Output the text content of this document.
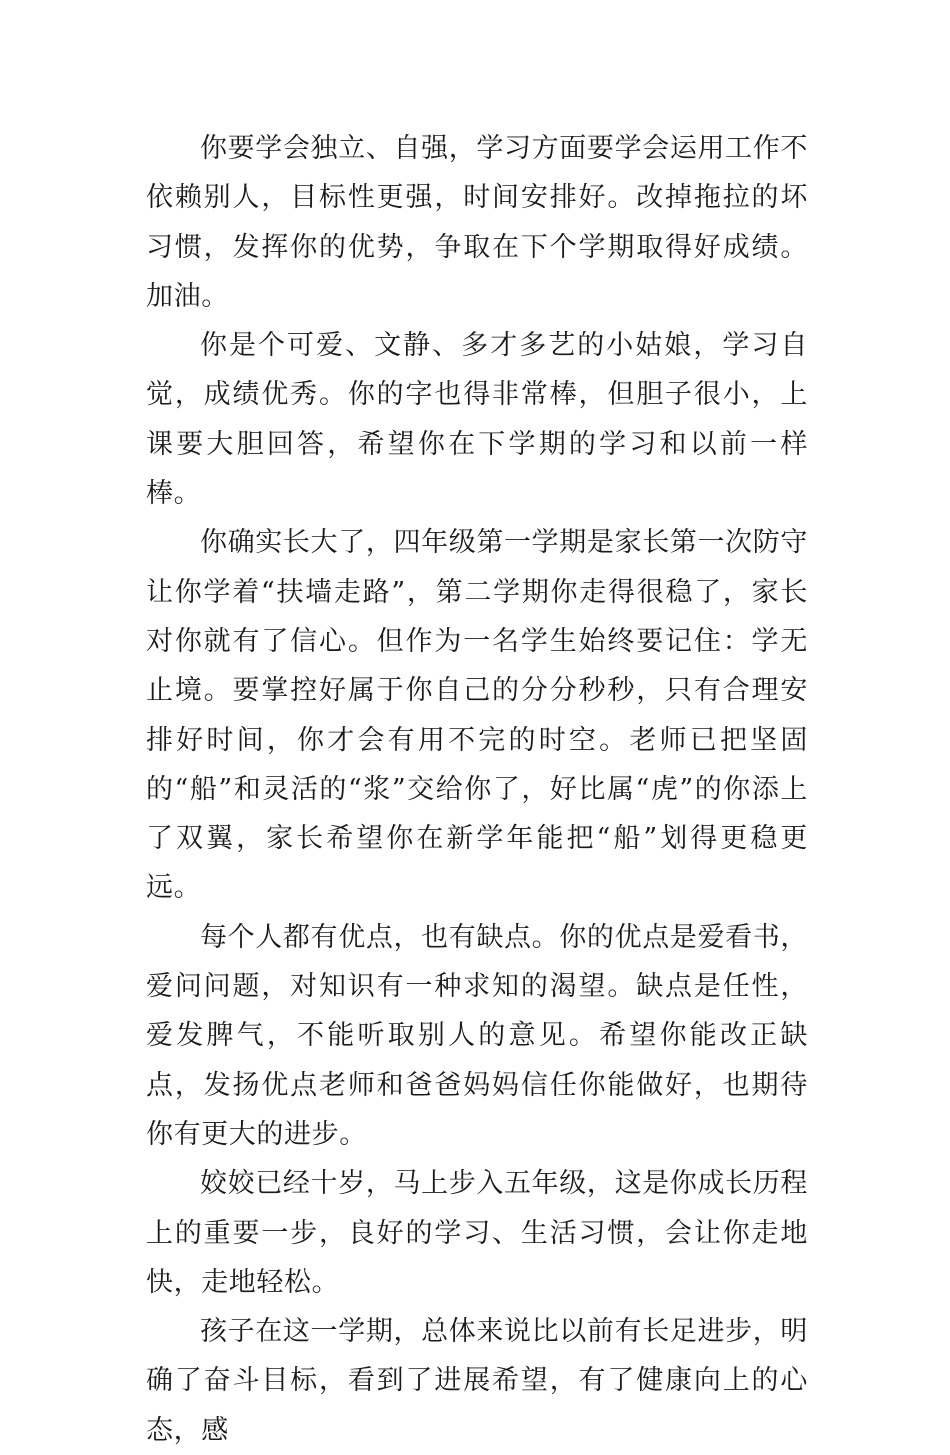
你要学会独立、自强，学习方面要学会运用工作不依赖别人，目标性更强，时间安排好。改掉拖拉的坏习惯，发挥你的优势，争取在下个学期取得好成绩。加油。

你是个可爱、文静、多才多艺的小姑娘，学习自觉，成绩优秀。你的字也得非常棒，但胆子很小，上课要大胆回答，希望你在下学期的学习和以前一样棒。

你确实长大了，四年级第一学期是家长第一次防守让你学着“扶墙走路”，第二学期你走得很稳了，家长对你就有了信心。但作为一名学生始终要记住：学无止境。要掌控好属于你自己的分分秒秒，只有合理安排好时间，你才会有用不完的时空。老师已把坚固的“船”和灵活的“浆”交给你了，好比属“虎”的你添上了双翼，家长希望你在新学年能把“船”划得更稳更远。

每个人都有优点，也有缺点。你的优点是爱看书，爱问问题，对知识有一种求知的渴望。缺点是任性，爱发脾气，不能听取别人的意见。希望你能改正缺点，发扬优点老师和爸爸妈妈信任你能做好，也期待你有更大的进步。

姣姣已经十岁，马上步入五年级，这是你成长历程上的重要一步，良好的学习、生活习惯，会让你走地快，走地轻松。

孩子在这一学期，总体来说比以前有长足进步，明确了奋斗目标，看到了进展希望，有了健康向上的心态，感
